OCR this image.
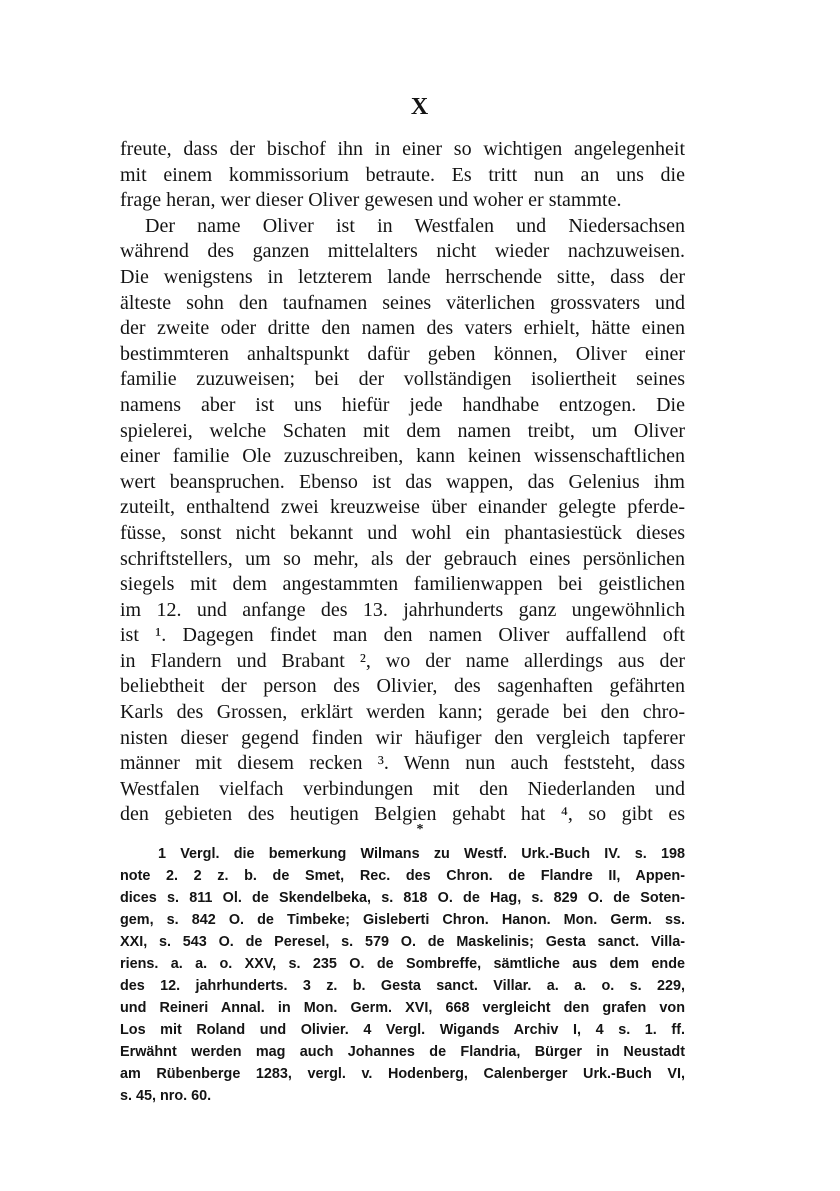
X
freute, dass der bischof ihn in einer so wichtigen angelegenheit
mit einem kommissorium betraute. Es tritt nun an uns die
frage heran, wer dieser Oliver gewesen und woher er stammte.
Der name Oliver ist in Westfalen und Niedersachsen
während des ganzen mittelalters nicht wieder nachzuweisen.
Die wenigstens in letzterem lande herrschende sitte, dass der
älteste sohn den taufnamen seines väterlichen grossvaters und
der zweite oder dritte den namen des vaters erhielt, hätte einen
bestimmteren anhaltspunkt dafür geben können, Oliver einer
familie zuzuweisen; bei der vollständigen isoliertheit seines
namens aber ist uns hiefür jede handhabe entzogen. Die
spielerei, welche Schaten mit dem namen treibt, um Oliver
einer familie Ole zuzuschreiben, kann keinen wissenschaftlichen
wert beanspruchen. Ebenso ist das wappen, das Gelenius ihm
zuteilt, enthaltend zwei kreuzweise über einander gelegte pferde-
füsse, sonst nicht bekannt und wohl ein phantasiestück dieses
schriftstellers, um so mehr, als der gebrauch eines persönlichen
siegels mit dem angestammten familienwappen bei geistlichen
im 12. und anfange des 13. jahrhunderts ganz ungewöhnlich
ist ¹. Dagegen findet man den namen Oliver auffallend oft
in Flandern und Brabant ², wo der name allerdings aus der
beliebtheit der person des Olivier, des sagenhaften gefährten
Karls des Grossen, erklärt werden kann; gerade bei den chro-
nisten dieser gegend finden wir häufiger den vergleich tapferer
männer mit diesem recken ³. Wenn nun auch feststeht, dass
Westfalen vielfach verbindungen mit den Niederlanden und
den gebieten des heutigen Belgien gehabt hat ⁴, so gibt es
*
1 Vergl. die bemerkung Wilmans zu Westf. Urk.-Buch IV. s. 198
note 2. 2 z. b. de Smet, Rec. des Chron. de Flandre II, Appen-
dices s. 811 Ol. de Skendelbeka, s. 818 O. de Hag, s. 829 O. de Soten-
gem, s. 842 O. de Timbeke; Gisleberti Chron. Hanon. Mon. Germ. ss.
XXI, s. 543 O. de Peresel, s. 579 O. de Maskelinis; Gesta sanct. Villa-
riens. a. a. o. XXV, s. 235 O. de Sombreffe, sämtliche aus dem ende
des 12. jahrhunderts. 3 z. b. Gesta sanct. Villar. a. a. o. s. 229,
und Reineri Annal. in Mon. Germ. XVI, 668 vergleicht den grafen von
Los mit Roland und Olivier. 4 Vergl. Wigands Archiv I, 4 s. 1. ff.
Erwähnt werden mag auch Johannes de Flandria, Bürger in Neustadt
am Rübenberge 1283, vergl. v. Hodenberg, Calenberger Urk.-Buch VI,
s. 45, nro. 60.
